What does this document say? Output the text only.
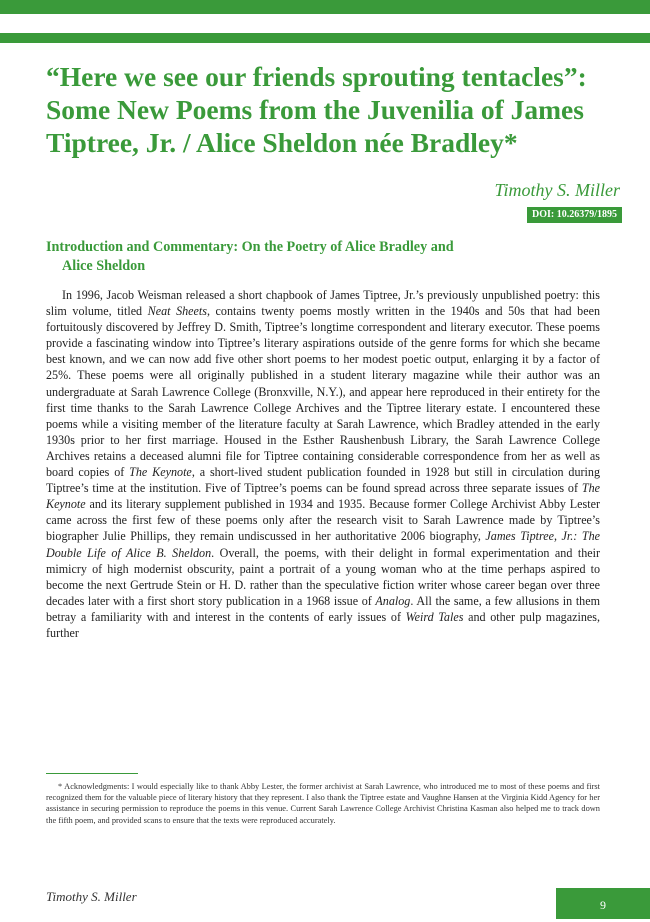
“Here we see our friends sprouting tentacles”: Some New Poems from the Juvenilia of James Tiptree, Jr. / Alice Sheldon née Bradley*

Timothy S. Miller

DOI: 10.26379/1895
Introduction and Commentary: On the Poetry of Alice Bradley and
Alice Sheldon

In 1996, Jacob Weisman released a short chapbook of James Tiptree, Jr.’s previously unpublished poetry: this slim volume, titled Neat Sheets, contains twenty poems mostly written in the 1940s and 50s that had been fortuitously discovered by Jeffrey D. Smith, Tiptree’s longtime correspondent and literary executor. These poems provide a fascinating window into Tiptree’s literary aspirations outside of the genre forms for which she became best known, and we can now add five other short poems to her modest poetic output, enlarging it by a factor of 25%. These poems were all originally published in a student literary magazine while their author was an undergraduate at Sarah Lawrence College (Bronxville, N.Y.), and appear here reproduced in their entirety for the first time thanks to the Sarah Lawrence College Archives and the Tiptree literary estate. I encountered these poems while a visiting member of the literature faculty at Sarah Lawrence, which Bradley attended in the early 1930s prior to her first marriage. Housed in the Esther Raushenbush Library, the Sarah Lawrence College Archives retains a deceased alumni file for Tiptree containing considerable correspondence from her as well as board copies of The Keynote, a short-lived student publication founded in 1928 but still in circulation during Tiptree’s time at the institution. Five of Tiptree’s poems can be found spread across three separate issues of The Keynote and its literary supplement published in 1934 and 1935. Because former College Archivist Abby Lester came across the first few of these poems only after the research visit to Sarah Lawrence made by Tiptree’s biographer Julie Phillips, they remain undiscussed in her authoritative 2006 biography, James Tiptree, Jr.: The Double Life of Alice B. Sheldon. Overall, the poems, with their delight in formal experimentation and their mimicry of high modernist obscurity, paint a portrait of a young woman who at the time perhaps aspired to become the next Gertrude Stein or H. D. rather than the speculative fiction writer whose career began over three decades later with a first short story publication in a 1968 issue of Analog. All the same, a few allusions in them betray a familiarity with and interest in the contents of early issues of Weird Tales and other pulp magazines, further

* Acknowledgments: I would especially like to thank Abby Lester, the former archivist at Sarah Lawrence, who introduced me to most of these poems and first recognized them for the valuable piece of literary history that they represent. I also thank the Tiptree estate and Vaughne Hansen at the Virginia Kidd Agency for her assistance in securing permission to reproduce the poems in this venue. Current Sarah Lawrence College Archivist Christina Kasman also helped me to track down the fifth poem, and provided scans to ensure that the texts were reproduced accurately.

Timothy S. Miller

9
